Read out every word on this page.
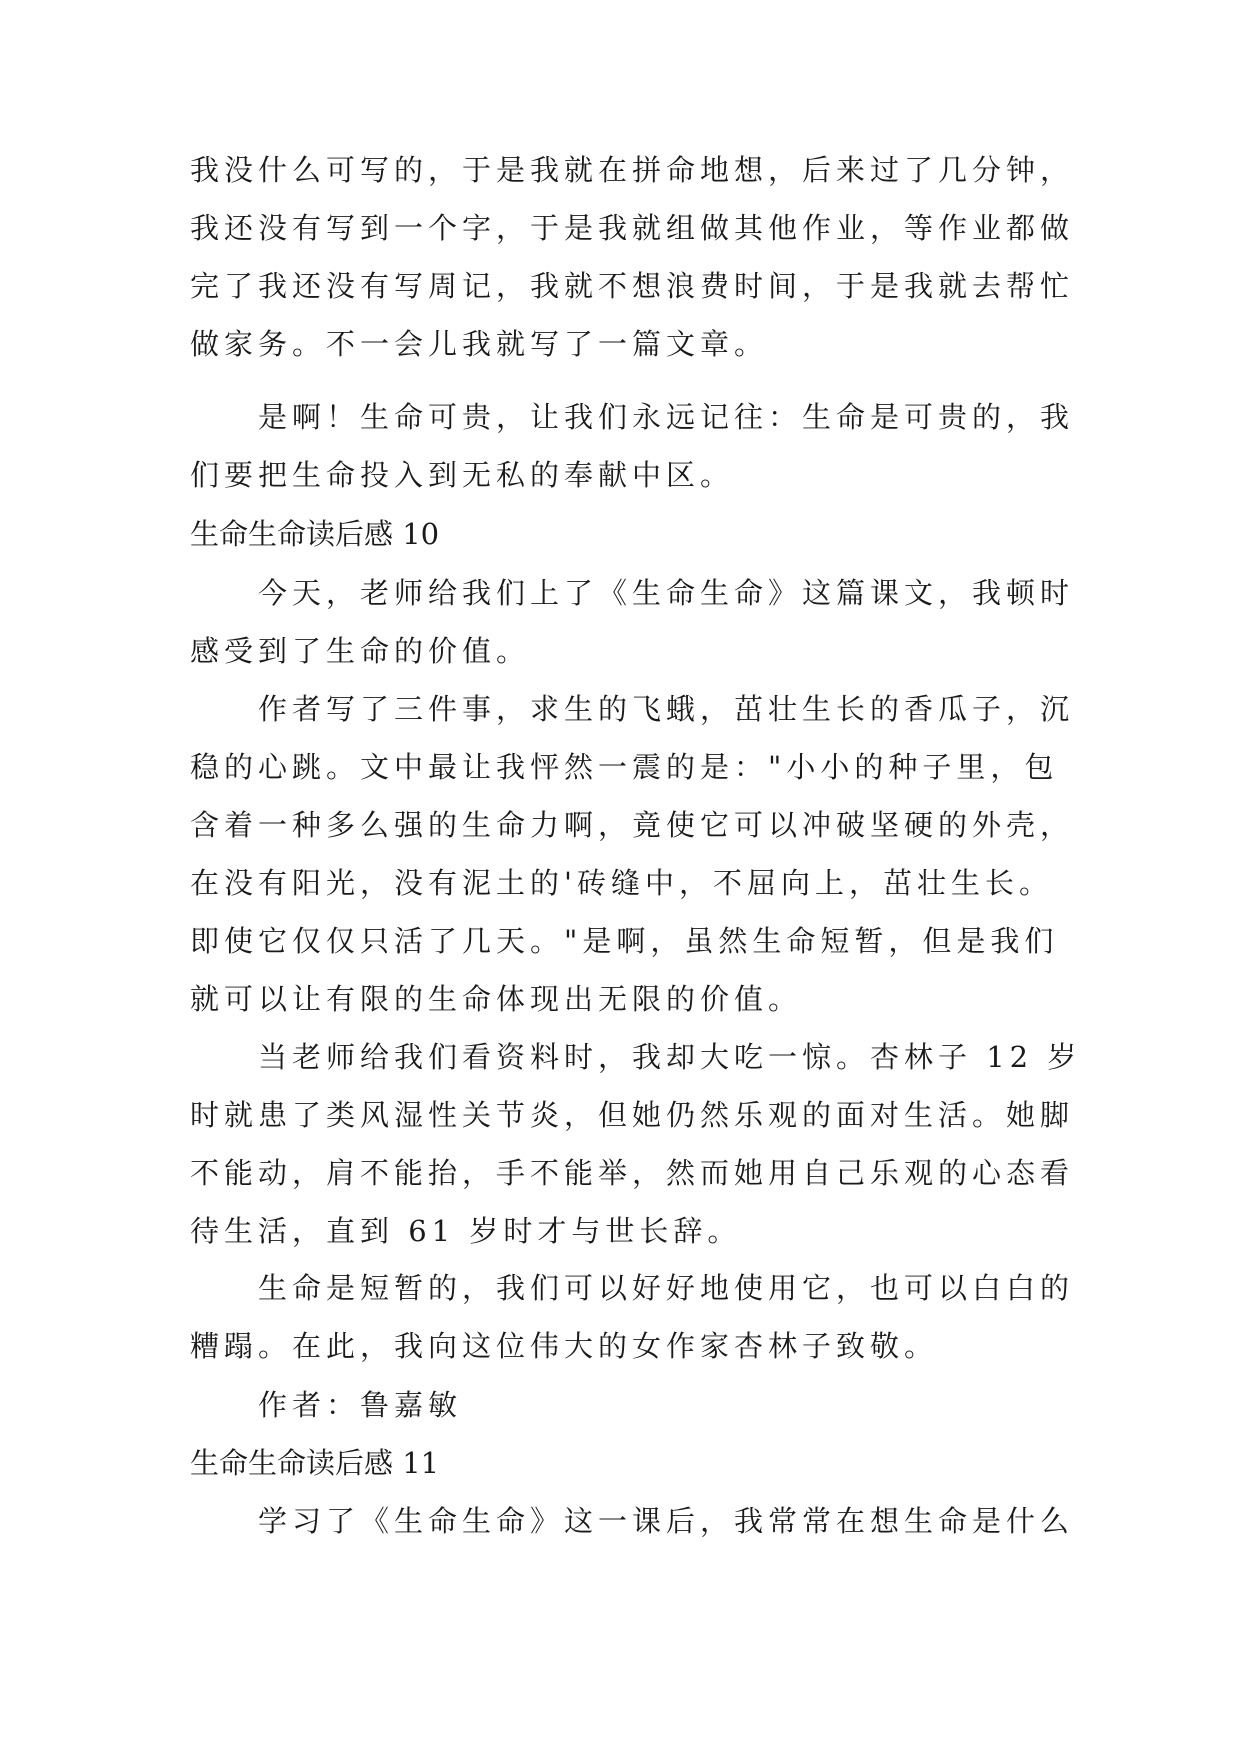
我没什么可写的，于是我就在拼命地想，后来过了几分钟，
我还没有写到一个字，于是我就组做其他作业，等作业都做
完了我还没有写周记，我就不想浪费时间，于是我就去帮忙
做家务。不一会儿我就写了一篇文章。
是啊！生命可贵，让我们永远记往：生命是可贵的，我
们要把生命投入到无私的奉献中区。
生命生命读后感 10
今天，老师给我们上了《生命生命》这篇课文，我顿时
感受到了生命的价值。
作者写了三件事，求生的飞蛾，茁壮生长的香瓜子，沉
稳的心跳。文中最让我怦然一震的是："小小的种子里，包
含着一种多么强的生命力啊，竟使它可以冲破坚硬的外壳，
在没有阳光，没有泥土的'砖缝中，不屈向上，茁壮生长。
即使它仅仅只活了几天。"是啊，虽然生命短暂，但是我们
就可以让有限的生命体现出无限的价值。
当老师给我们看资料时，我却大吃一惊。杏林子 12 岁
时就患了类风湿性关节炎，但她仍然乐观的面对生活。她脚
不能动，肩不能抬，手不能举，然而她用自己乐观的心态看
待生活，直到 61 岁时才与世长辞。
生命是短暂的，我们可以好好地使用它，也可以白白的
糟蹋。在此，我向这位伟大的女作家杏林子致敬。
作者：鲁嘉敏
生命生命读后感 11
学习了《生命生命》这一课后，我常常在想生命是什么
